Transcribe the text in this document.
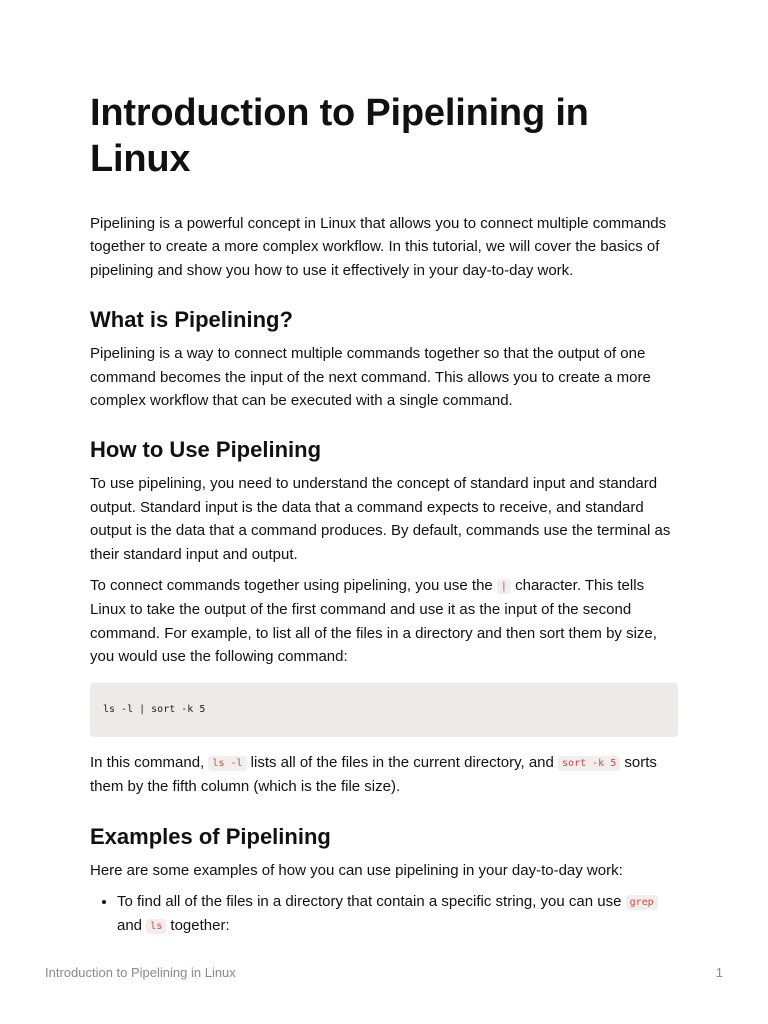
Introduction to Pipelining in Linux

Pipelining is a powerful concept in Linux that allows you to connect multiple commands together to create a more complex workflow. In this tutorial, we will cover the basics of pipelining and show you how to use it effectively in your day-to-day work.

What is Pipelining?

Pipelining is a way to connect multiple commands together so that the output of one command becomes the input of the next command. This allows you to create a more complex workflow that can be executed with a single command.

How to Use Pipelining

To use pipelining, you need to understand the concept of standard input and standard output. Standard input is the data that a command expects to receive, and standard output is the data that a command produces. By default, commands use the terminal as their standard input and output.

To connect commands together using pipelining, you use the | character. This tells Linux to take the output of the first command and use it as the input of the second command. For example, to list all of the files in a directory and then sort them by size, you would use the following command:

ls -l | sort -k 5

In this command, ls -l lists all of the files in the current directory, and sort -k 5 sorts them by the fifth column (which is the file size).

Examples of Pipelining

Here are some examples of how you can use pipelining in your day-to-day work:

• To find all of the files in a directory that contain a specific string, you can use grep and ls together:
Introduction to Pipelining in Linux	1
